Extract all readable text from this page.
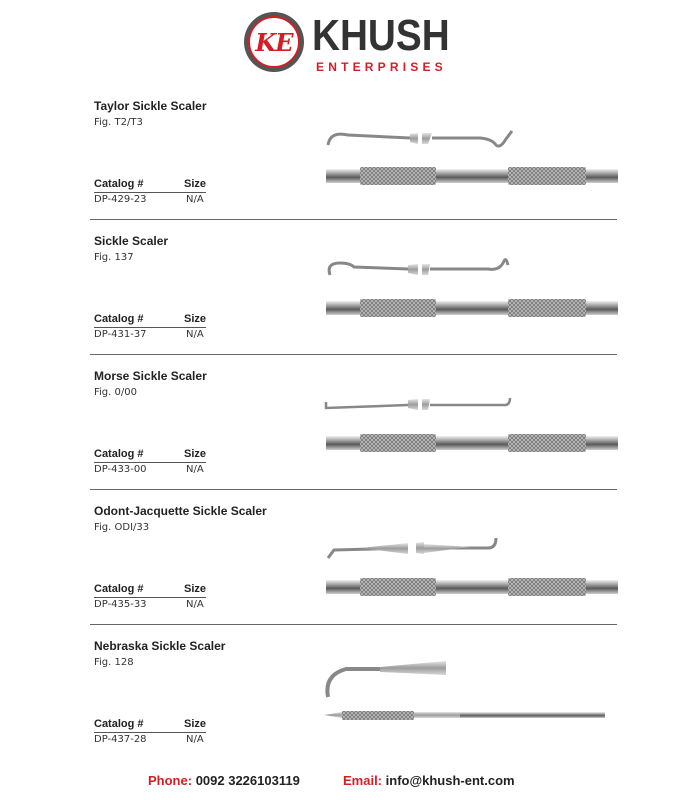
KE KHUSH
ENTERPRISES
Taylor Sickle Scaler
Fig. T2/T3
Catalog #	Size
DP-429-23	N/A
Sickle Scaler
Fig. 137
Catalog #	Size
DP-431-37	N/A
Morse Sickle Scaler
Fig. 0/00
Catalog #	Size
DP-433-00	N/A
Odont-Jacquette Sickle Scaler
Fig. ODI/33
Catalog #	Size
DP-435-33	N/A
Nebraska Sickle Scaler
Fig. 128
Catalog #	Size
DP-437-28	N/A
Phone: 0092 3226103119	Email: info@khush-ent.com
